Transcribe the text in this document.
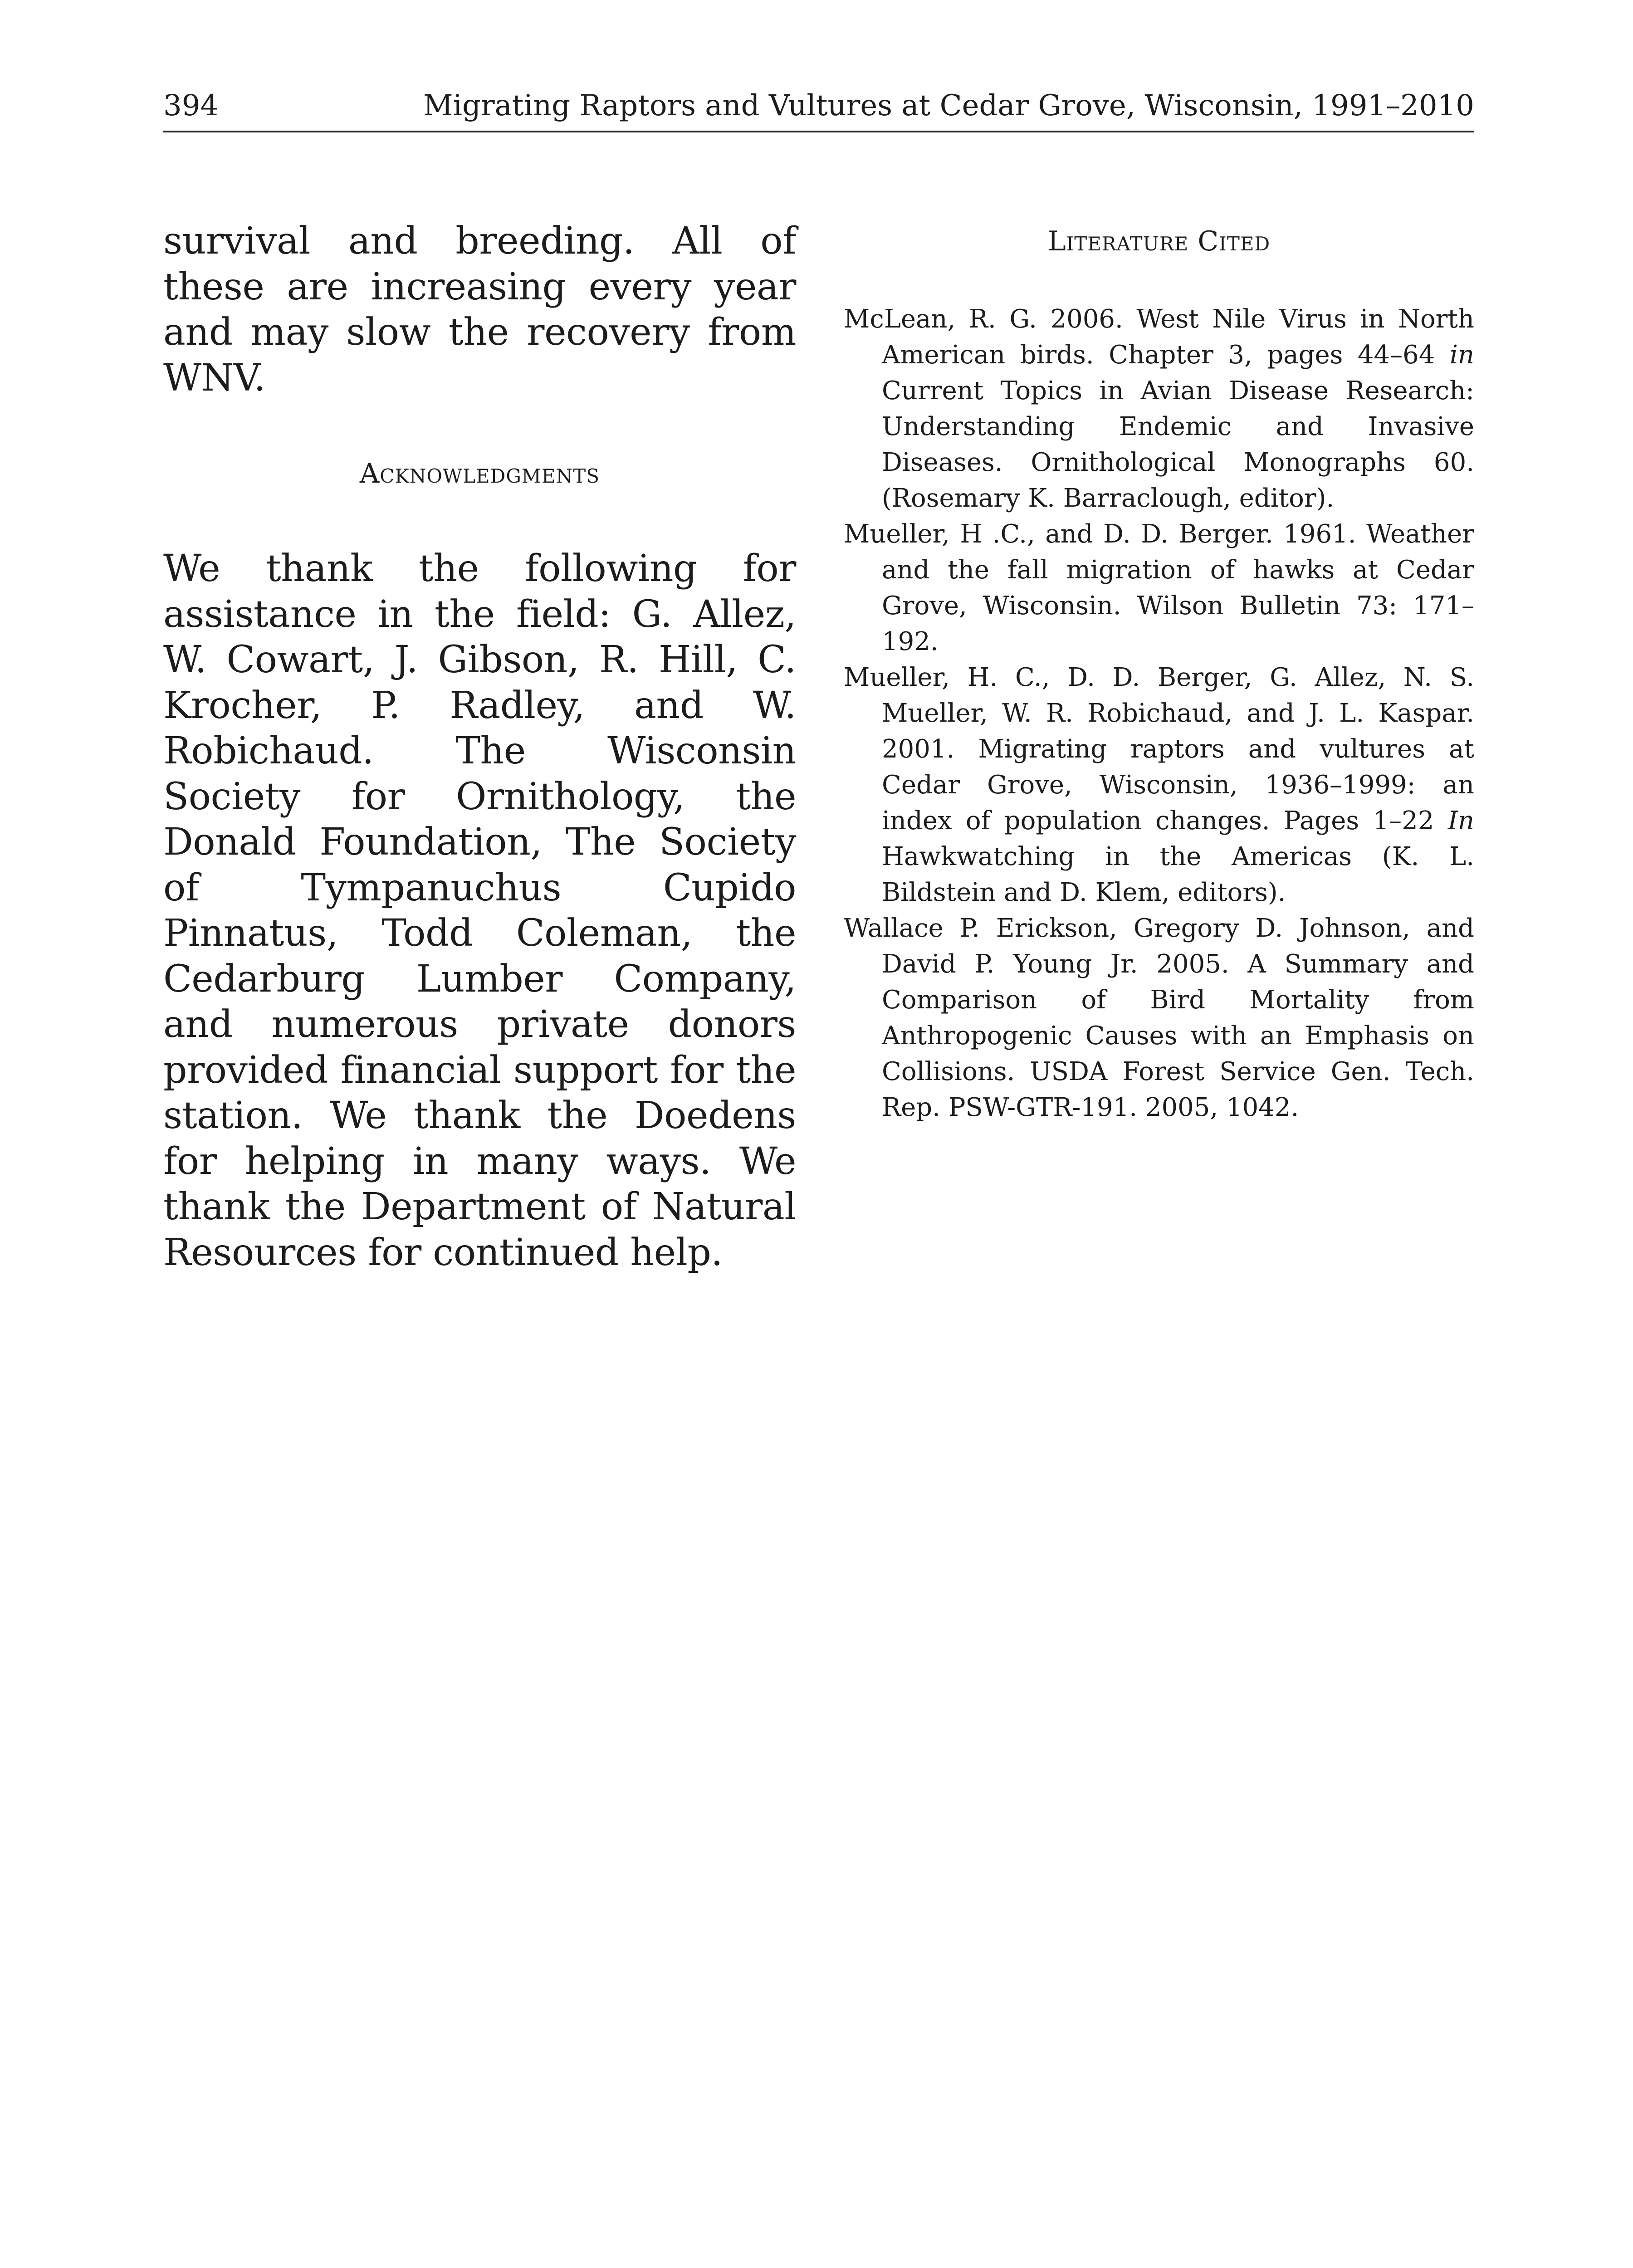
394	Migrating Raptors and Vultures at Cedar Grove, Wisconsin, 1991–2010

survival and breeding. All of these are increasing every year and may slow the recovery from WNV.

Acknowledgments

We thank the following for assistance in the field: G. Allez, W. Cowart, J. Gibson, R. Hill, C. Krocher, P. Radley, and W. Robichaud. The Wisconsin Society for Ornithology, the Donald Foundation, The Society of Tympanuchus Cupido Pinnatus, Todd Coleman, the Cedarburg Lumber Company, and numerous private donors provided financial support for the station. We thank the Doedens for helping in many ways. We thank the Department of Natural Resources for continued help.

Literature Cited

McLean, R. G. 2006. West Nile Virus in North American birds. Chapter 3, pages 44–64 in Current Topics in Avian Disease Research: Understanding Endemic and Invasive Diseases. Ornithological Monographs 60. (Rosemary K. Barraclough, editor).

Mueller, H .C., and D. D. Berger. 1961. Weather and the fall migration of hawks at Cedar Grove, Wisconsin. Wilson Bulletin 73: 171–192.

Mueller, H. C., D. D. Berger, G. Allez, N. S. Mueller, W. R. Robichaud, and J. L. Kaspar. 2001. Migrating raptors and vultures at Cedar Grove, Wisconsin, 1936–1999: an index of population changes. Pages 1–22 In Hawkwatching in the Americas (K. L. Bildstein and D. Klem, editors).

Wallace P. Erickson, Gregory D. Johnson, and David P. Young Jr. 2005. A Summary and Comparison of Bird Mortality from Anthropogenic Causes with an Emphasis on Collisions. USDA Forest Service Gen. Tech. Rep. PSW-GTR-191. 2005, 1042.
